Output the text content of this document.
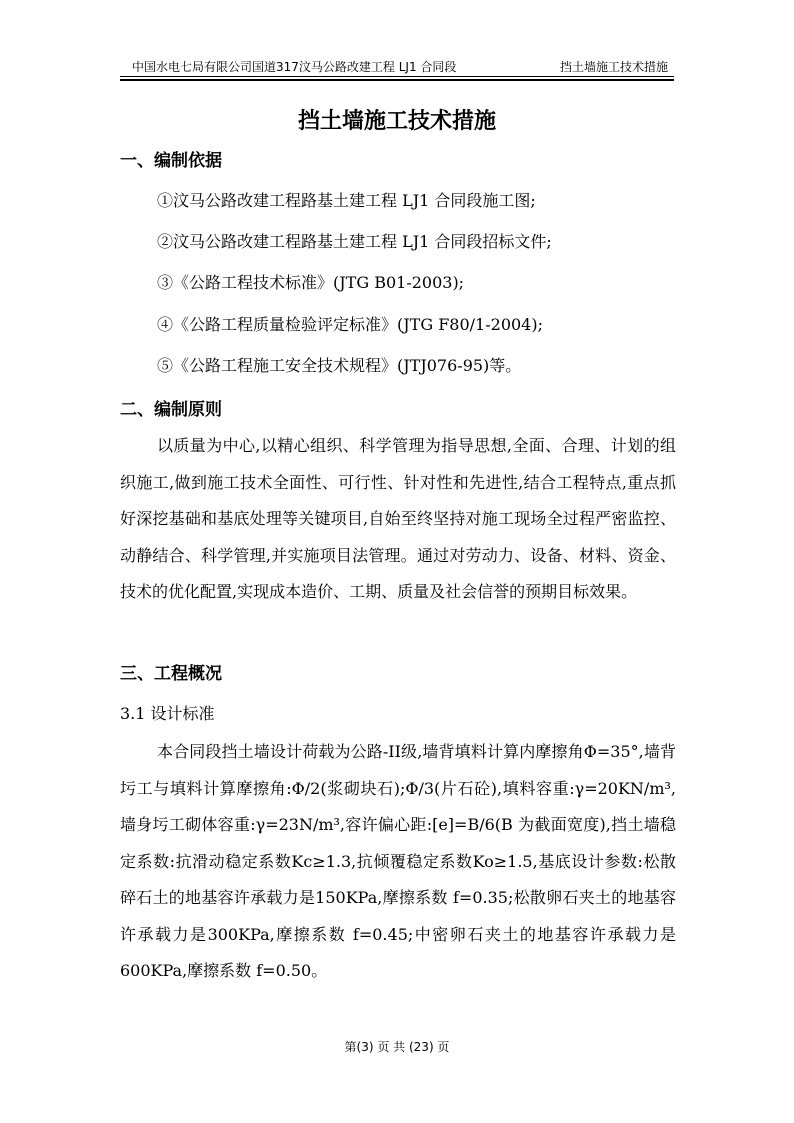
中国水电七局有限公司国道317汶马公路改建工程 LJ1 合同段	挡土墙施工技术措施
挡土墙施工技术措施
一、编制依据
①汶马公路改建工程路基土建工程 LJ1 合同段施工图;
②汶马公路改建工程路基土建工程 LJ1 合同段招标文件;
③《公路工程技术标准》(JTG B01-2003);
④《公路工程质量检验评定标准》(JTG F80/1-2004);
⑤《公路工程施工安全技术规程》(JTJ076-95)等。
二、编制原则
以质量为中心,以精心组织、科学管理为指导思想,全面、合理、计划的组织施工,做到施工技术全面性、可行性、针对性和先进性,结合工程特点,重点抓好深挖基础和基底处理等关键项目,自始至终坚持对施工现场全过程严密监控、动静结合、科学管理,并实施项目法管理。通过对劳动力、设备、材料、资金、技术的优化配置,实现成本造价、工期、质量及社会信誉的预期目标效果。
三、工程概况
3.1 设计标准
本合同段挡土墙设计荷载为公路-II级,墙背填料计算内摩擦角Φ=35°,墙背圬工与填料计算摩擦角:Φ/2(浆砌块石);Φ/3(片石砼),填料容重:γ=20KN/m³,墙身圬工砌体容重:γ=23N/m³,容许偏心距:[e]=B/6(B 为截面宽度),挡土墙稳定系数:抗滑动稳定系数Kc≥1.3,抗倾覆稳定系数Ko≥1.5,基底设计参数:松散碎石土的地基容许承载力是150KPa,摩擦系数 f=0.35;松散卵石夹土的地基容许承载力是300KPa,摩擦系数 f=0.45;中密卵石夹土的地基容许承载力是600KPa,摩擦系数 f=0.50。
第(3) 页 共 (23) 页
